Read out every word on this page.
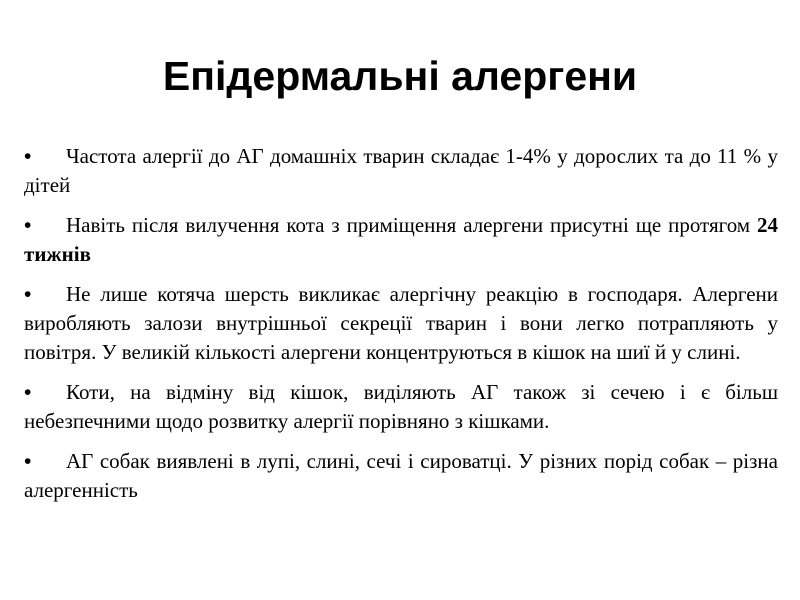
Епідермальні алергени

• Частота алергії до АГ домашніх тварин складає 1-4% у дорослих та до 11 % у дітей

• Навіть після вилучення кота з приміщення алергени присутні ще протягом 24 тижнів

• Не лише котяча шерсть викликає алергічну реакцію в господаря. Алергени виробляють залози внутрішньої секреції тварин і вони легко потрапляють у повітря. У великій кількості алергени концентруються в кішок на шиї й у слині.

• Коти, на відміну від кішок, виділяють АГ також зі сечею і є більш небезпечними щодо розвитку алергії порівняно з кішками.

• АГ собак виявлені в лупі, слині, сечі і сироватці. У різних порід собак – різна алергенність
